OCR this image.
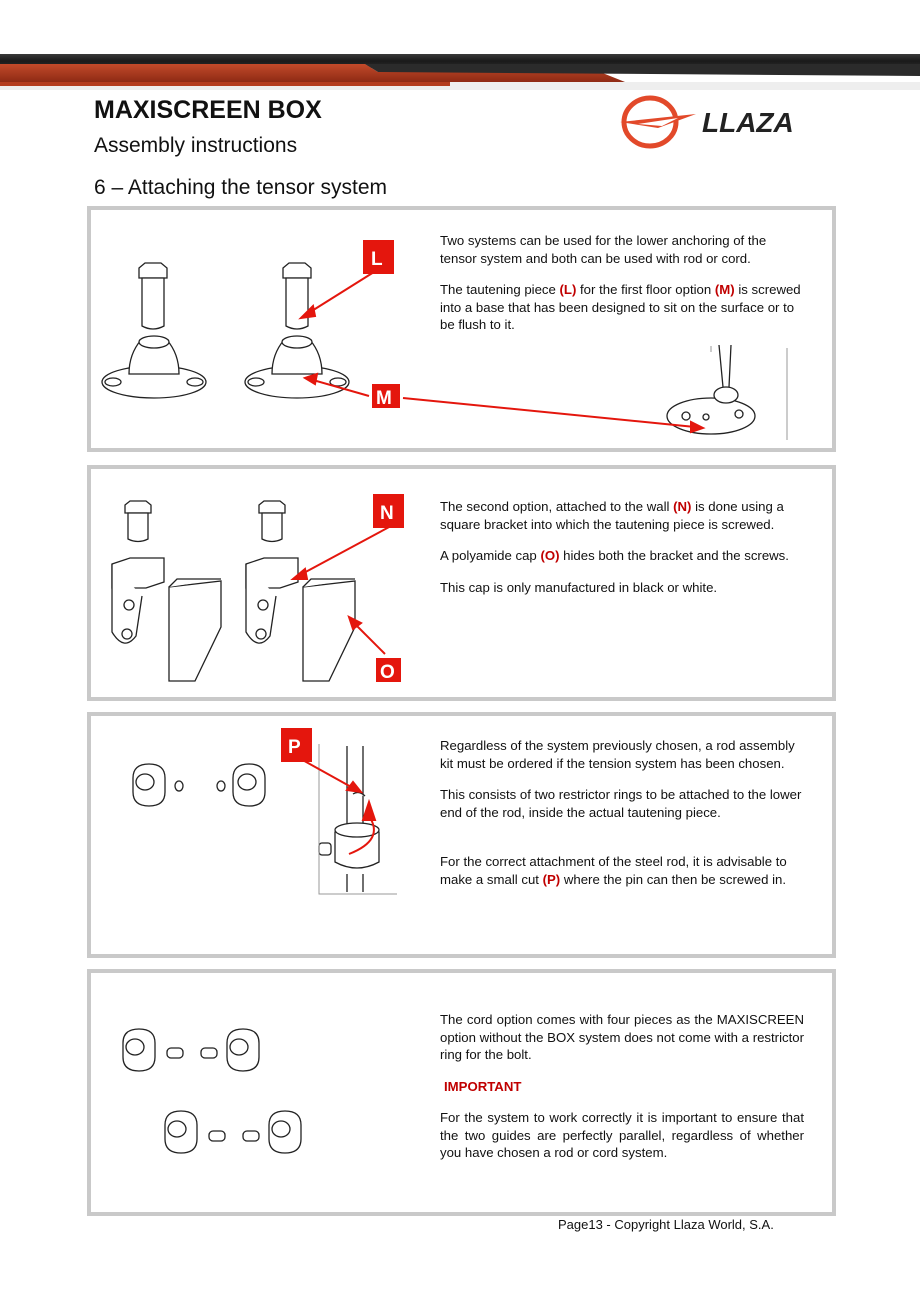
MAXISCREEN BOX
Assembly instructions
LLAZA
6 – Attaching the tensor system
L
M

Two systems can be used for the lower anchoring of the tensor system and both can be used with rod or cord.

The tautening piece (L) for the first floor option (M) is screwed into a base that has been designed to sit on the surface or to be flush to it.

N
O

The second option, attached to the wall (N) is done using a square bracket into which the tautening piece is screwed.

A polyamide cap (O) hides both the bracket and the screws.

This cap is only manufactured in black or white.

P	Regardless of the system previously chosen, a rod assembly kit must be ordered if the tension system has been chosen.

This consists of two restrictor rings to be attached to the lower end of the rod, inside the actual tautening piece.

For the correct attachment of the steel rod, it is advisable to make a small cut (P) where the pin can then be screwed in.

The cord option comes with four pieces as the MAXISCREEN option without the BOX system does not come with a restrictor ring for the bolt.

IMPORTANT

For the system to work correctly it is important to ensure that the two guides are perfectly parallel, regardless of whether you have chosen a rod or cord system.

Page13 - Copyright Llaza World, S.A.
